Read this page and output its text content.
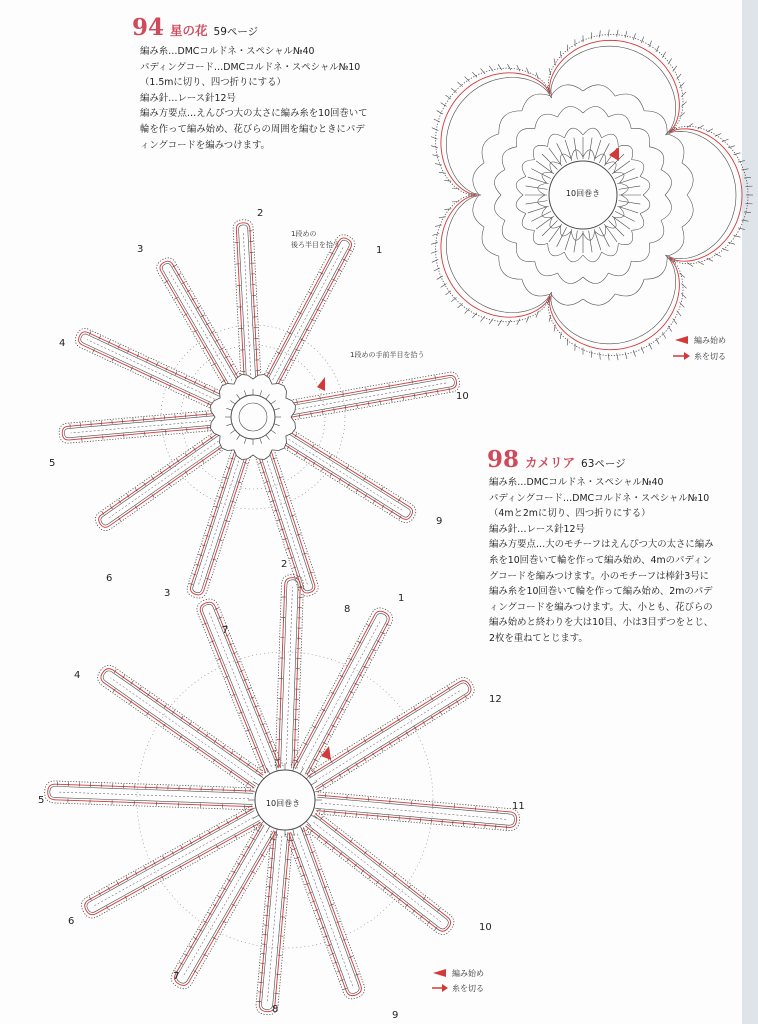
94 星の花 59ページ
編み糸…DMCコルドネ・スペシャル№40
パディングコード…DMCコルドネ・スペシャル№10
（1.5mに切り、四つ折りにする）
編み針…レース針12号
編み方要点…えんぴつ大の太さに編み糸を10回巻いて
輪を作って編み始め、花びらの周囲を編むときにパデ
ィングコードを編みつけます。
98 カメリア 63ページ
編み糸…DMCコルドネ・スペシャル№40
パディングコード…DMCコルドネ・スペシャル№10
（4mと2mに切り、四つ折りにする）
編み針…レース針12号
編み方要点…大のモチーフはえんぴつ大の太さに編み
糸を10回巻いて輪を作って編み始め、4mのパディン
グコードを編みつけます。小のモチーフは棒針3号に
編み糸を10回巻いて輪を作って編み始め、2mのパデ
ィングコードを編みつけます。大、小とも、花びらの
編み始めと終わりを大は10目、小は3目ずつをとじ、
2枚を重ねてとじます。
10回巻き
編み始め
糸を切る
1
2
3
4
5
6
7
8
9
10
1段めの
後ろ半目を拾う
1段めの手前半目を拾う
10回巻き
1
2
3
4
5
6
7
8
9
10
11
12
編み始め
糸を切る
